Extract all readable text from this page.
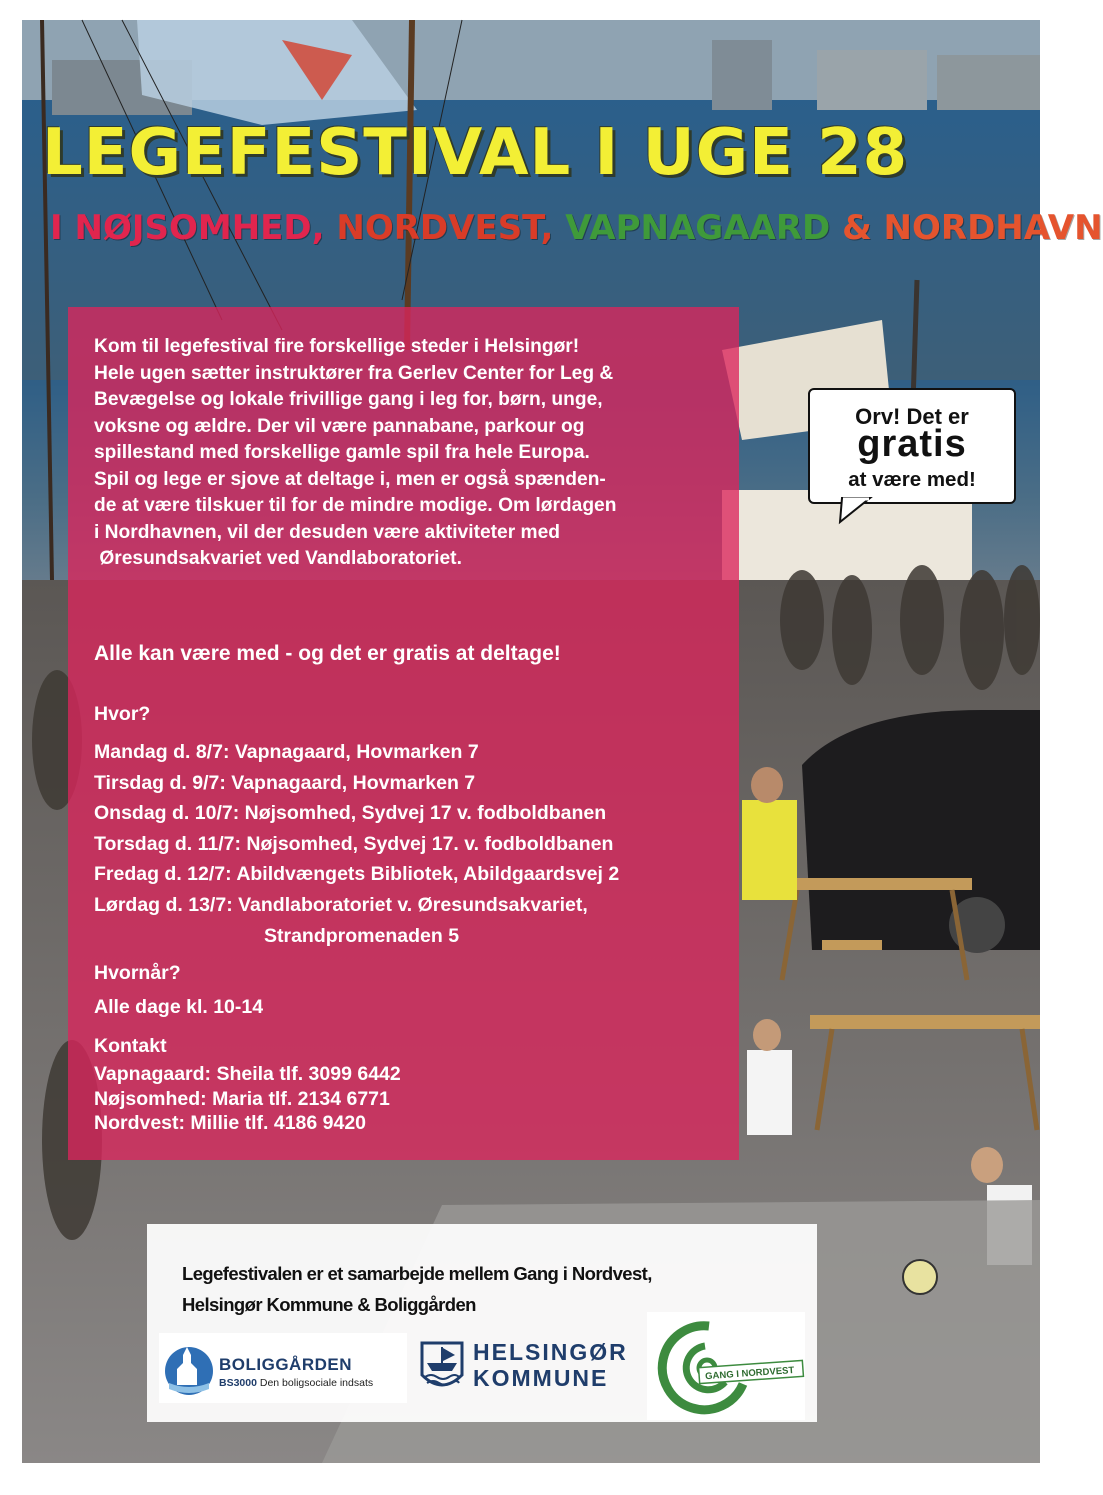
LEGEFESTIVAL I UGE 28
I NØJSOMHED, NORDVEST, VAPNAGAARD & NORDHAVN

Kom til legefestival fire forskellige steder i Helsingør!
Hele ugen sætter instruktører fra Gerlev Center for Leg &
Bevægelse og lokale frivillige gang i leg for, børn, unge,
voksne og ældre. Der vil være pannabane, parkour og
spillestand med forskellige gamle spil fra hele Europa.
Spil og lege er sjove at deltage i, men er også spænden-
de at være tilskuer til for de mindre modige. Om lørdagen
i Nordhavnen, vil der desuden være aktiviteter med
Øresundsakvariet ved Vandlaboratoriet.

Alle kan være med - og det er gratis at deltage!
Hvor?
Mandag d. 8/7: Vapnagaard, Hovmarken 7
Tirsdag d. 9/7: Vapnagaard, Hovmarken 7
Onsdag d. 10/7: Nøjsomhed, Sydvej 17 v. fodboldbanen
Torsdag d. 11/7: Nøjsomhed, Sydvej 17. v. fodboldbanen
Fredag d. 12/7: Abildvængets Bibliotek, Abildgaardsvej 2
Lørdag d. 13/7: Vandlaboratoriet v. Øresundsakvariet,
Strandpromenaden 5
Hvornår?
Alle dage kl. 10-14
Kontakt
Vapnagaard: Sheila tlf. 3099 6442
Nøjsomhed: Maria tlf. 2134 6771
Nordvest: Millie tlf. 4186 9420
Orv! Det er
gratis
at være med!
Legefestivalen er et samarbejde mellem Gang i Nordvest,
Helsingør Kommune & Boliggården
BOLIGGÅRDEN
BS3000 Den boligsociale indsats
HELSINGØR
KOMMUNE	GANG I NORDVEST
